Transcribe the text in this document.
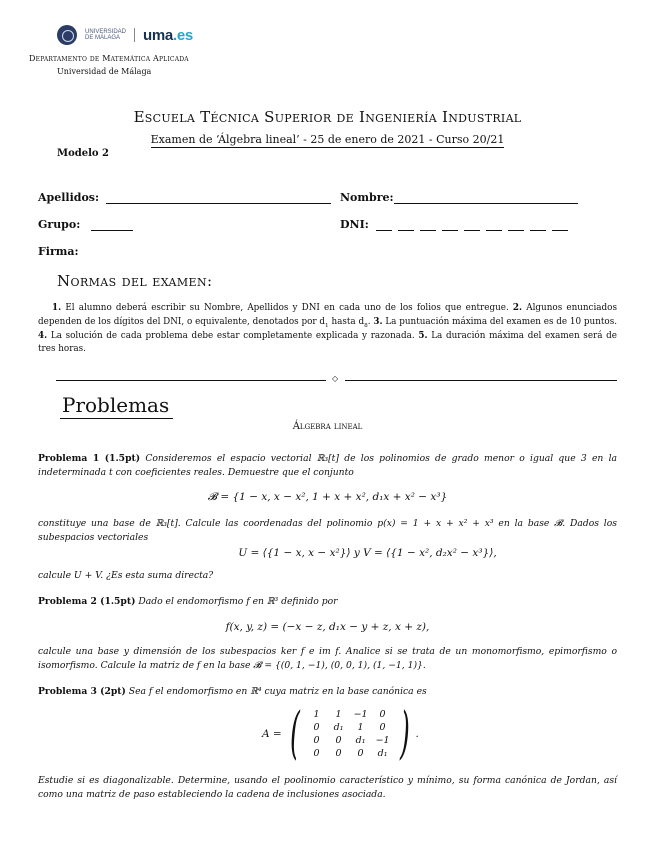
UNIVERSIDAD
DE MÁLAGA	uma.es
Departamento de Matemática Aplicada
Universidad de Málaga
Escuela Técnica Superior de Ingeniería Industrial
Examen de ‘Álgebra lineal’ - 25 de enero de 2021 - Curso 20/21
Modelo 2
Apellidos:	Nombre:
Grupo:	DNI:
Firma:
Normas del examen:
1. El alumno deberá escribir su Nombre, Apellidos y DNI en cada uno de los folios que entregue. 2. Algunos enunciados dependen de los dígitos del DNI, o equivalente, denotados por $d_1$ hasta $d_8$. 3. La puntuación máxima del examen es de 10 puntos. 4. La solución de cada problema debe estar completamente explicada y razonada. 5. La duración máxima del examen será de tres horas.
◇
Problemas
Álgebra lineal
Problema 1 (1.5pt) Consideremos el espacio vectorial ℝ₃[t] de los polinomios de grado menor o igual que 3 en la indeterminada t con coeficientes reales. Demuestre que el conjunto
𝓑 = {1 − x, x − x², 1 + x + x², d₁x + x² − x³}
constituye una base de ℝ₃[t]. Calcule las coordenadas del polinomio p(x) = 1 + x + x² + x³ en la base 𝓑. Dados los subespacios vectoriales
U = ⟨{1 − x, x − x²}⟩ y V = ⟨{1 − x², d₂x² − x³}⟩,
calcule U + V. ¿Es esta suma directa?
Problema 2 (1.5pt) Dado el endomorfismo f en ℝ³ definido por
f(x, y, z) = (−x − z, d₁x − y + z, x + z),
calcule una base y dimensión de los subespacios ker f e im f. Analice si se trata de un monomorfismo, epimorfismo o isomorfismo. Calcule la matriz de f en la base 𝓑 = {(0, 1, −1), (0, 0, 1), (1, −1, 1)}.
Problema 3 (2pt) Sea f el endomorfismo en ℝ⁴ cuya matriz en la base canónica es
A = ( 1	1	−1	0
0	d₁	1	0
0	0	d₁	−1
0	0	0	d₁ ) .
Estudie si es diagonalizable. Determine, usando el poolinomio característico y mínimo, su forma canónica de Jordan, así como una matriz de paso estableciendo la cadena de inclusiones asociada.
